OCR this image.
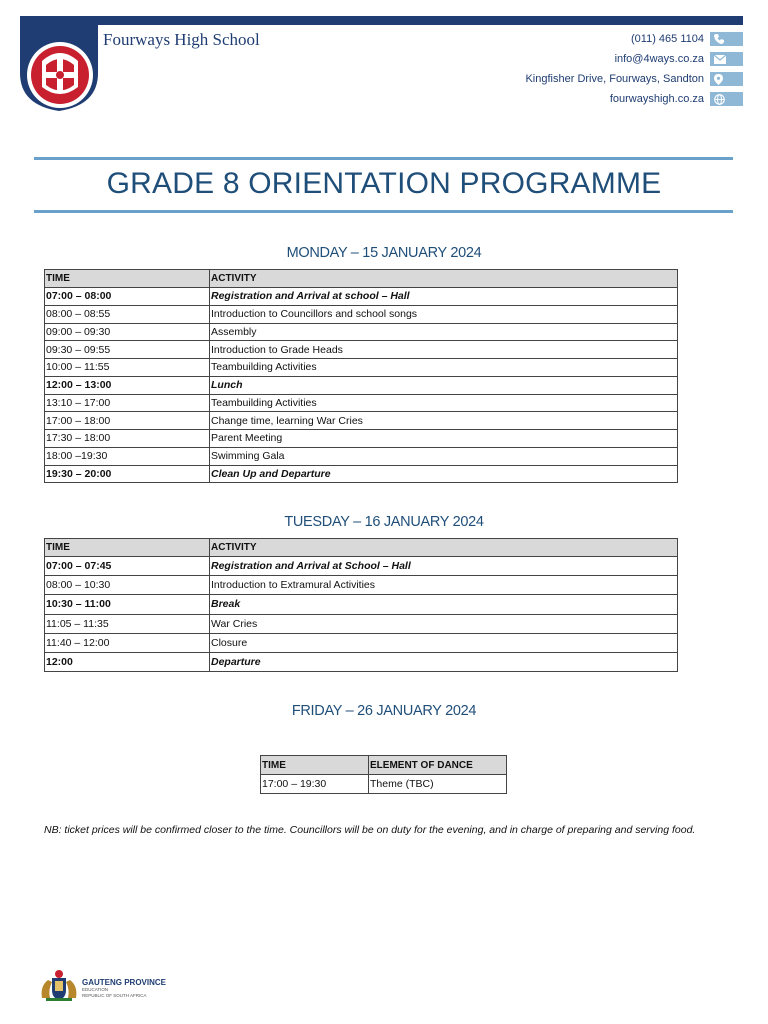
Fourways High School	(011) 465 1104
info@4ways.co.za
Kingfisher Drive, Fourways, Sandton
fourwayshigh.co.za
GRADE 8 ORIENTATION PROGRAMME
MONDAY – 15 JANUARY 2024
TIME	ACTIVITY
07:00 – 08:00	Registration and Arrival at school – Hall
08:00 – 08:55	Introduction to Councillors and school songs
09:00 – 09:30	Assembly
09:30 – 09:55	Introduction to Grade Heads
10:00 – 11:55	Teambuilding Activities
12:00 – 13:00	Lunch
13:10 – 17:00	Teambuilding Activities
17:00 – 18:00	Change time, learning War Cries
17:30 – 18:00	Parent Meeting
18:00 –19:30	Swimming Gala
19:30 – 20:00	Clean Up and Departure
TUESDAY – 16 JANUARY 2024
TIME	ACTIVITY
07:00 – 07:45	Registration and Arrival at School – Hall
08:00 – 10:30	Introduction to Extramural Activities
10:30 – 11:00	Break
11:05 – 11:35	War Cries
11:40 – 12:00	Closure
12:00	Departure
FRIDAY – 26 JANUARY 2024
TIME	ELEMENT OF DANCE
17:00 – 19:30	Theme (TBC)
NB: ticket prices will be confirmed closer to the time. Councillors will be on duty for the evening, and in charge of preparing and serving food.
GAUTENG PROVINCE
EDUCATION
REPUBLIC OF SOUTH AFRICA
